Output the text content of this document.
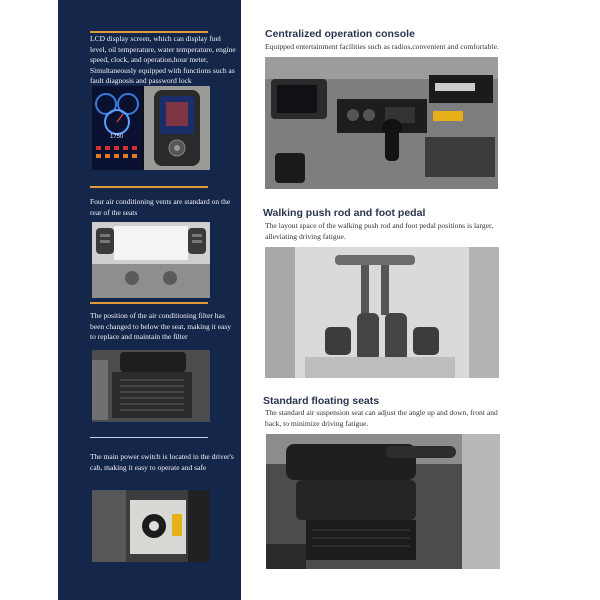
LCD display screen, which can display fuel level, oil temperature, water temperature, engine speed, clock, and operation,hour meter, Simultaneously equipped with functions such as fault diagnosis and password lock

1750

Four air conditioning vents are standard on the rear of the seats

The position of the air conditioning filter has been changed to below the seat, making it easy to replace and maintain the filter

The main power switch is located in the driver's cab, making it easy to operate and safe

Centralized operation console

Equipped entertainment facilities such as radios,convenient and comfortable.

Walking push rod and foot pedal

The layout space of the walking push rod and foot pedal positions is larger, alleviating driving fatigue.

Standard floating seats

The standard air suspension seat can adjust the angle up and down, front and back, to minimize driving fatigue.
